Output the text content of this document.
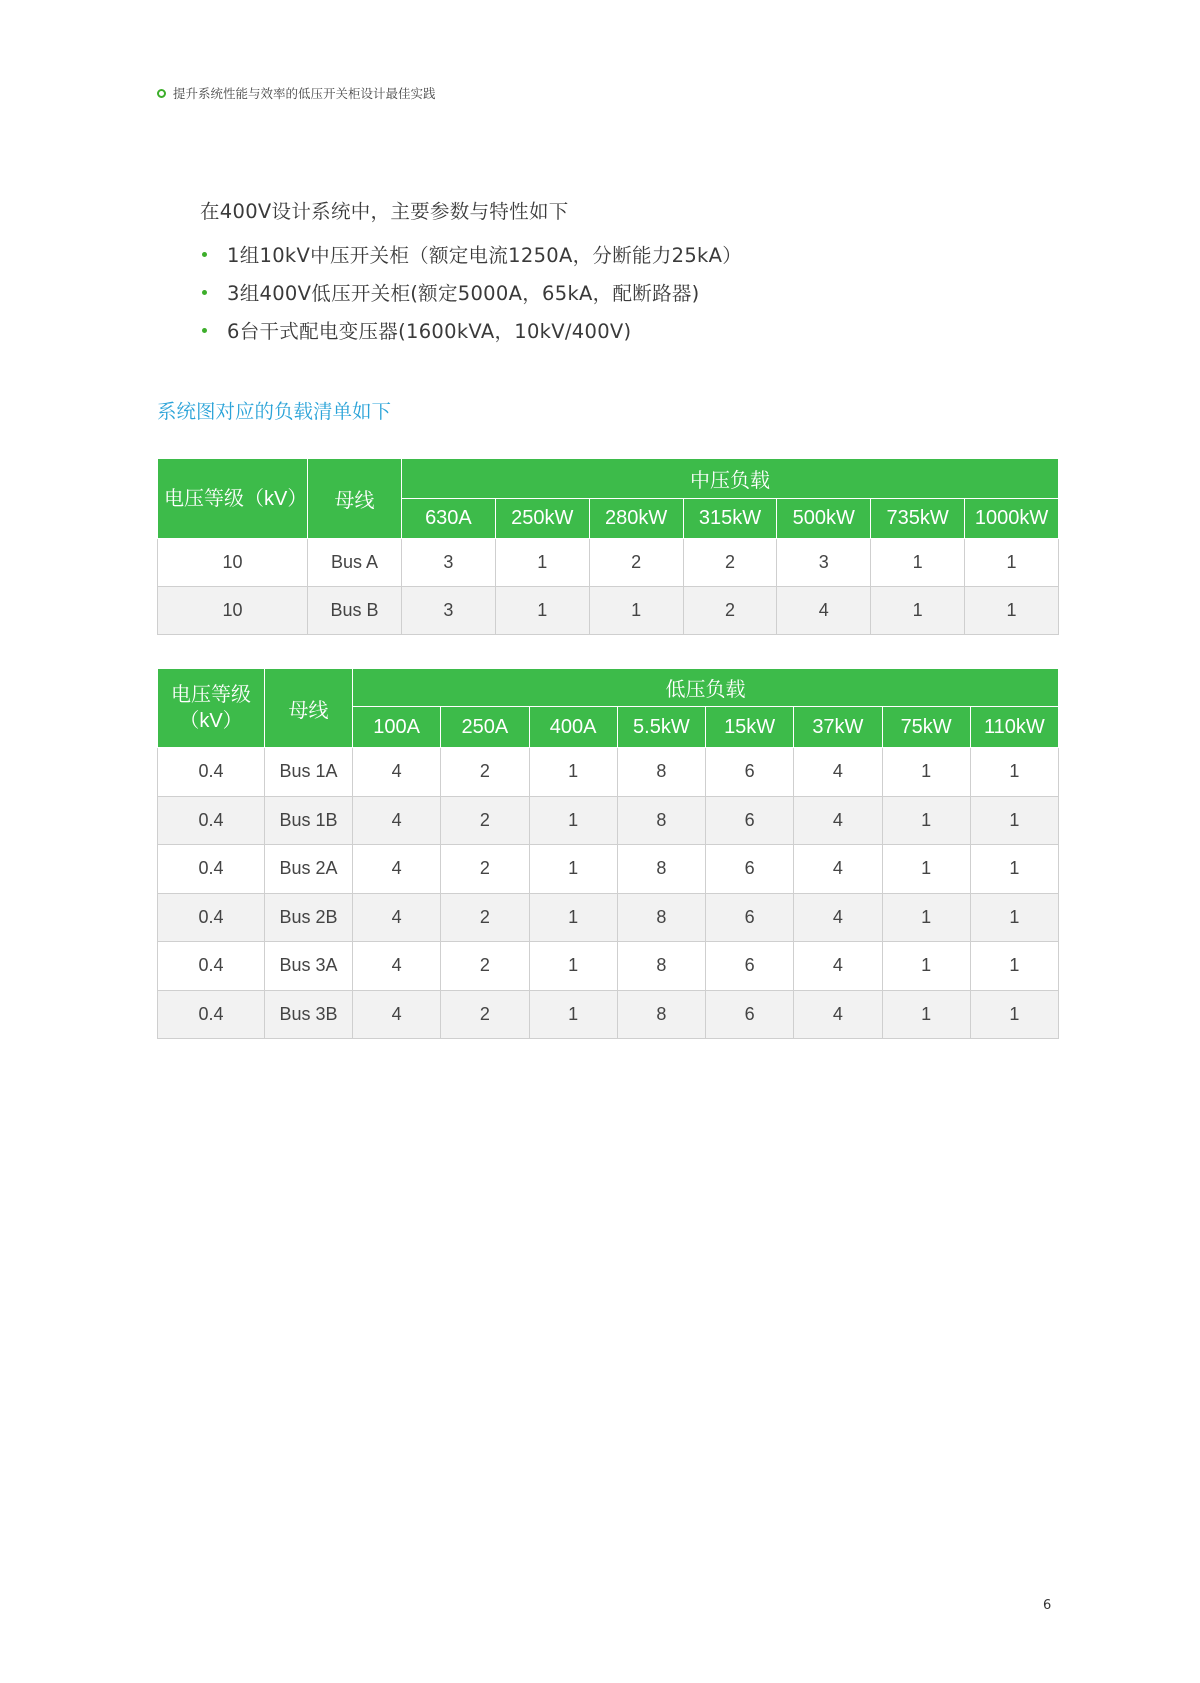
提升系统性能与效率的低压开关柜设计最佳实践
在400V设计系统中，主要参数与特性如下
1组10kV中压开关柜（额定电流1250A，分断能力25kA）
3组400V低压开关柜(额定5000A，65kA，配断路器)
6台干式配电变压器(1600kVA，10kV/400V)
系统图对应的负载清单如下
电压等级（kV）	母线	中压负载						
		630A	250kW	280kW	315kW	500kW	735kW	1000kW
10	Bus A	3	1	2	2	3	1	1
10	Bus B	3	1	1	2	4	1	1
电压等级（kV）	母线	低压负载							
		100A	250A	400A	5.5kW	15kW	37kW	75kW	110kW
0.4	Bus 1A	4	2	1	8	6	4	1	1
0.4	Bus 1B	4	2	1	8	6	4	1	1
0.4	Bus 2A	4	2	1	8	6	4	1	1
0.4	Bus 2B	4	2	1	8	6	4	1	1
0.4	Bus 3A	4	2	1	8	6	4	1	1
0.4	Bus 3B	4	2	1	8	6	4	1	1
6
